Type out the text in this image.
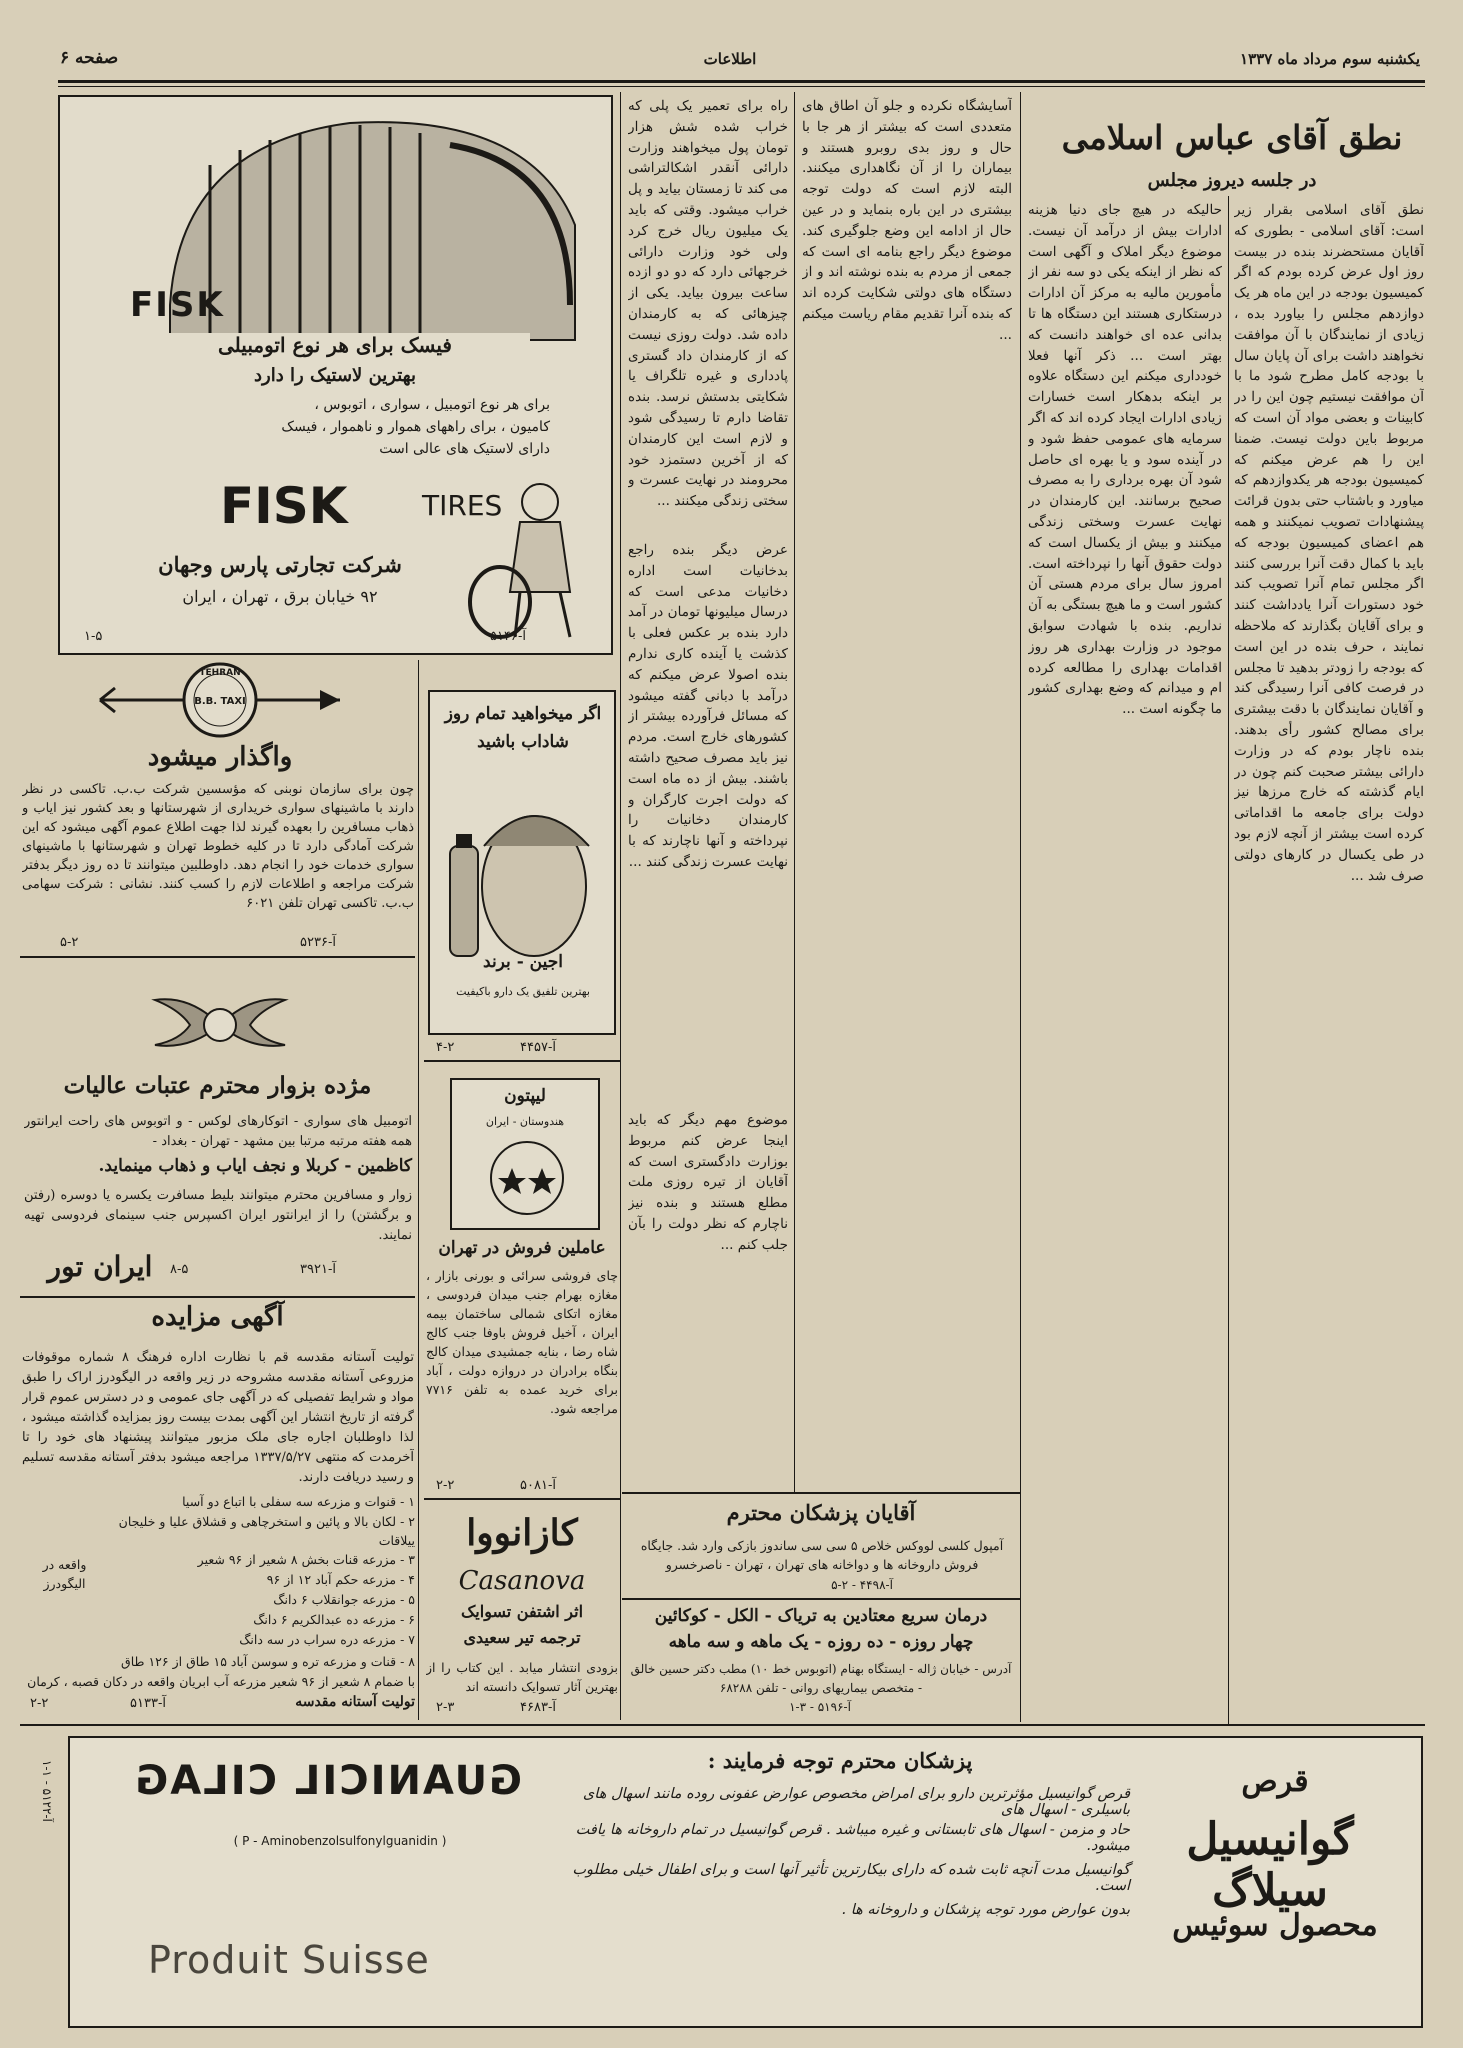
یکشنبه سوم مرداد ماه ۱۳۳۷
اطلاعات
صفحه ۶
FISK
فیسک برای هر نوع اتومبیلی
بهترین لاستیک را دارد
برای هر نوع اتومبیل ، سواری ، اتوبوس ،
کامیون ، برای راههای هموار و ناهموار ، فیسک
دارای لاستیک های عالی است
FISK	TIRES
شرکت تجارتی پارس وجهان
۹۲ خیابان برق ، تهران ، ایران
۱-۵	آ-۵۱۴۶
TEHRAN
B.B. TAXI
واگذار میشود
چون برای سازمان نوبنی که مؤسسین شرکت ب.ب. تاکسی در نظر دارند با ماشینهای سواری خریداری از شهرستانها و بعد کشور نیز ایاب و ذهاب مسافرین را بعهده گیرند لذا جهت اطلاع عموم آگهی میشود که این شرکت آمادگی دارد تا در کلیه خطوط تهران و شهرستانها با ماشینهای سواری خدمات خود را انجام دهد. داوطلبین میتوانند تا ده روز دیگر بدفتر شرکت مراجعه و اطلاعات لازم را کسب کنند. نشانی : شرکت سهامی ب.ب. تاکسی تهران تلفن ۶۰۲۱
۵-۲	آ-۵۲۳۶
مژده بزوار محترم عتبات عالیات
اتومبیل های سواری - اتوکارهای لوکس - و اتوبوس های راحت ایرانتور همه هفته مرتبه مرتبا بین مشهد - تهران - بغداد -
کاظمین - کربلا و نجف ایاب و ذهاب مینماید.
زوار و مسافرین محترم میتوانند بلیط مسافرت یکسره یا دوسره (رفتن و برگشتن) را از ایرانتور ایران اکسپرس جنب سینمای فردوسی تهیه نمایند.
۸-۵	آ-۳۹۲۱
ایران تور
آگهی مزایده
تولیت آستانه مقدسه قم با نظارت اداره فرهنگ ۸ شماره موقوفات مزروعی آستانه مقدسه مشروحه در زیر واقعه در الیگودرز اراک را طبق مواد و شرایط تفصیلی که در آگهی جای عمومی و در دسترس عموم قرار گرفته از تاریخ انتشار این آگهی بمدت بیست روز بمزایده گذاشته میشود ، لذا داوطلبان اجاره جای ملک مزبور میتوانند پیشنهاد های خود را تا آخرمدت که منتهی ۱۳۳۷/۵/۲۷ مراجعه میشود بدفتر آستانه مقدسه تسلیم و رسید دریافت دارند.
۱ - قنوات و مزرعه سه سفلی با اتباع دو آسیا
۲ - لکان بالا و پائین و استخرچاهی و قشلاق علیا و خلیجان ییلاقات
۳ - مزرعه قنات بخش ۸ شعیر از ۹۶ شعیر
۴ - مزرعه حکم آباد ۱۲ از ۹۶
۵ - مزرعه جوانقلاب ۶ دانگ
۶ - مزرعه ده عبدالکریم ۶ دانگ
۷ - مزرعه دره سراب در سه دانگ
۸ - قنات و مزرعه تره و سوسن آباد ۱۵ طاق از ۱۲۶ طاق
با ضمام ۸ شعیر از ۹۶ شعیر مزرعه آب ابریان واقعه در دکان قصبه ، کرمان
واقعه در الیگودرز
تولیت آستانه مقدسه
۲-۲	آ-۵۱۳۳
اگر میخواهید تمام روز شاداب باشید
اجین - برند
بهترین تلفیق یک دارو باکیفیت
۴-۲	آ-۴۴۵۷
لیپتون
هندوستان - ایران
عاملین فروش در تهران
چای فروشی سرائی و بورنی بازار ، مغازه بهرام جنب میدان فردوسی ، مغازه اتکای شمالی ساختمان بیمه ایران ، آخیل فروش باوفا جنب کالج شاه رضا ، بنایه جمشیدی میدان کالج بنگاه برادران در دروازه دولت ، آباد برای خرید عمده به تلفن ۷۷۱۶ مراجعه شود.
۲-۲	آ-۵۰۸۱
کازانووا
Casanova
اثر اشتفن تسوایک
ترجمه تیر سعیدی
بزودی انتشار میابد . این کتاب را از بهترین آثار تسوایک دانسته اند
۲-۳	آ-۴۶۸۳
نطق آقای عباس اسلامی
در جلسه دیروز مجلس
نطق آقای اسلامی بقرار زیر است: آقای اسلامی - بطوری که آقایان مستحضرند بنده در بیست روز اول عرض کرده بودم که اگر کمیسیون بودجه در این ماه هر یک دوازدهم مجلس را بیاورد بده ، زیادی از نمایندگان با آن موافقت نخواهند داشت برای آن پایان سال با بودجه کامل مطرح شود ما با آن موافقت نیستیم چون این را در کابینات و بعضی مواد آن است که مربوط باین دولت نیست. ضمنا این را هم عرض میکنم که کمیسیون بودجه هر یکدوازدهم که میاورد و باشتاب حتی بدون قرائت پیشنهادات تصویب نمیکنند و همه هم اعضای کمیسیون بودجه که باید با کمال دقت آنرا بررسی کنند اگر مجلس تمام آنرا تصویب کند خود دستورات آنرا یادداشت کنند و برای آقایان بگذارند که ملاحظه نمایند ، حرف بنده در این است که بودجه را زودتر بدهید تا مجلس در فرصت کافی آنرا رسیدگی کند و آقایان نمایندگان با دقت بیشتری برای مصالح کشور رأی بدهند. بنده ناچار بودم که در وزارت دارائی بیشتر صحبت کنم چون در ایام گذشته که خارج مرزها نیز دولت برای جامعه ما اقداماتی کرده است بیشتر از آنچه لازم بود در طی یکسال در کارهای دولتی صرف شد ...
حالیکه در هیچ جای دنیا هزینه ادارات بیش از درآمد آن نیست. موضوع دیگر املاک و آگهی است که نظر از اینکه یکی دو سه نفر از مأمورین مالیه به مرکز آن ادارات درستکاری هستند این دستگاه ها تا بدانی عده ای خواهند دانست که بهتر است ... ذکر آنها فعلا خودداری میکنم این دستگاه علاوه بر اینکه بدهکار است خسارات زیادی ادارات ایجاد کرده اند که اگر سرمایه های عمومی حفظ شود و در آینده سود و یا بهره ای حاصل شود آن بهره برداری را به مصرف صحیح برسانند. این کارمندان در نهایت عسرت وسختی زندگی میکنند و بیش از یکسال است که دولت حقوق آنها را نپرداخته است. امروز سال برای مردم هستی آن کشور است و ما هیچ بستگی به آن نداریم. بنده با شهادت سوابق موجود در وزارت بهداری هر روز اقدامات بهداری را مطالعه کرده ام و میدانم که وضع بهداری کشور ما چگونه است ...
آسایشگاه نکرده و جلو آن اطاق های متعددی است که بیشتر از هر جا با حال و روز بدی روبرو هستند و بیماران را از آن نگاهداری میکنند. البته لازم است که دولت توجه بیشتری در این باره بنماید و در عین حال از ادامه این وضع جلوگیری کند. موضوع دیگر راجع بنامه ای است که جمعی از مردم به بنده نوشته اند و از دستگاه های دولتی شکایت کرده اند که بنده آنرا تقدیم مقام ریاست میکنم ...
راه برای تعمیر یک پلی که خراب شده شش هزار تومان پول میخواهند وزارت دارائی آنقدر اشکالتراشی می کند تا زمستان بیاید و پل خراب میشود. وقتی که باید یک میلیون ریال خرج کرد ولی خود وزارت دارائی خرجهائی دارد که دو دو ازده ساعت بیرون بیاید. یکی از چیزهائی که به کارمندان داده شد. دولت روزی نیست که از کارمندان داد گستری پادداری و غیره تلگراف یا شکایتی بدستش نرسد. بنده تقاضا دارم تا رسیدگی شود و لازم است این کارمندان که از آخرین دستمزد خود محرومند در نهایت عسرت و سختی زندگی میکنند ...
آقایان پزشکان محترم
آمپول کلسی لووکس خلاص ۵ سی سی ساندوز بازکی وارد شد. جایگاه فروش داروخانه ها و دواخانه های تهران ، تهران - ناصرخسرو
آ-۴۴۹۸ - ۲-۵
درمان سریع معتادین به تریاک - الکل - کوکائین
چهار روزه - ده روزه - یک ماهه و سه ماهه
آدرس - خیابان ژاله - ایستگاه بهنام (اتوبوس خط ۱۰) مطب دکتر حسین خالق - متخصص بیماریهای روانی - تلفن ۶۸۲۸۸
آ-۵۱۹۶ - ۳-۱
قرص
گوانیسیل سیلاگ
محصول سوئیس
پزشکان محترم توجه فرمایند :
قرص گوانیسیل مؤثرترین دارو برای امراض مخصوص عوارض عفونی روده مانند اسهال های باسیلری - اسهال های
حاد و مزمن - اسهال های تابستانی و غیره میباشد . قرص گوانیسیل در تمام داروخانه ها یافت میشود.
گوانیسیل مدت آنچه ثابت شده که دارای بیکارترین تأثیر آنها است و برای اطفال خیلی مطلوب است.
بدون عوارض مورد توجه پزشکان و داروخانه ها .
GUANICIL CILAG
( P - Aminobenzolsulfonylguanidin )
Produit Suisse
آ-۵۱۲۲ - ۱-۱
عرض دیگر بنده راجع بدخانیات است اداره دخانیات مدعی است که درسال میلیونها تومان در آمد دارد بنده بر عکس فعلی با کذشت یا آینده کاری ندارم بنده اصولا عرض میکنم که درآمد با دبانی گفته میشود که مسائل فرآورده بیشتر از کشورهای خارج است. مردم نیز باید مصرف صحیح داشته باشند. بیش از ده ماه است که دولت اجرت کارگران و کارمندان دخانیات را نپرداخته و آنها ناچارند که با نهایت عسرت زندگی کنند ...
موضوع مهم دیگر که باید اینجا عرض کنم مربوط بوزارت دادگستری است که آقایان از تیره روزی ملت مطلع هستند و بنده نیز ناچارم که نظر دولت را بآن جلب کنم ...
